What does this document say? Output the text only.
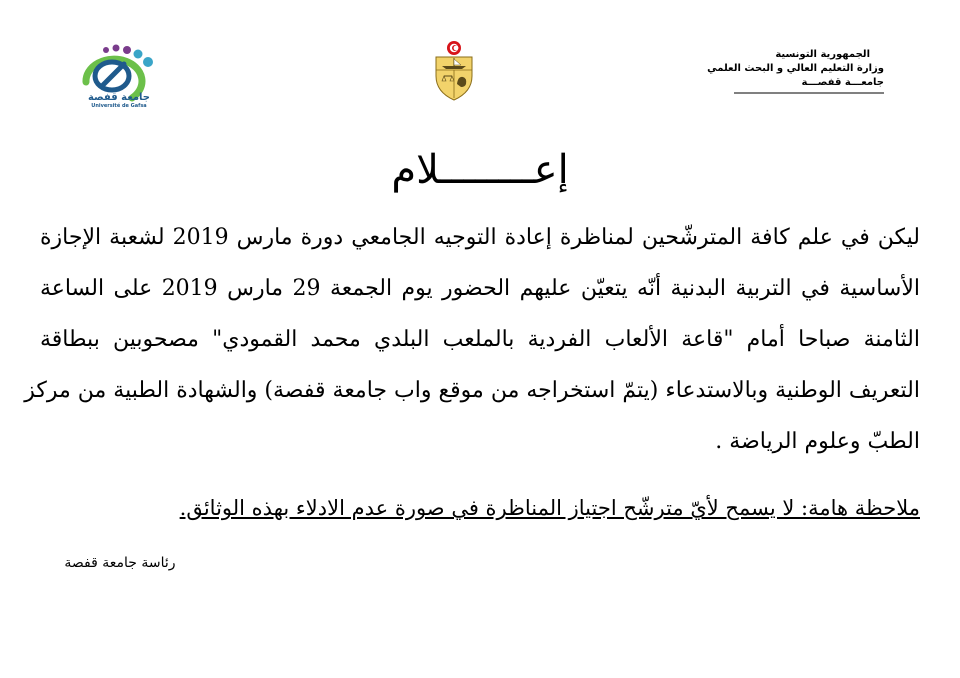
الجمهورية التونسية
وزارة التعليم العالي و البحث العلمي
جامعـــة قفصـــة
جامعة قفصة
Université de Gafsa
إعــــــــلام
ليكن في علم كافة المترشّحين لمناظرة إعادة التوجيه الجامعي دورة مارس 2019 لشعبة الإجازة
الأساسية في التربية البدنية أنّه يتعيّن عليهم الحضور يوم الجمعة 29 مارس 2019 على الساعة
الثامنة صباحا أمام "قاعة الألعاب الفردية بالملعب البلدي محمد القمودي" مصحوبين ببطاقة
التعريف الوطنية وبالاستدعاء (يتمّ استخراجه من موقع واب جامعة قفصة) والشهادة الطبية من مركز
الطبّ وعلوم الرياضة .
ملاحظة هامة: لا يسمح لأيّ مترشّح اجتياز المناظرة في صورة عدم الادلاء بهذه الوثائق.
رئاسة جامعة قفصة
